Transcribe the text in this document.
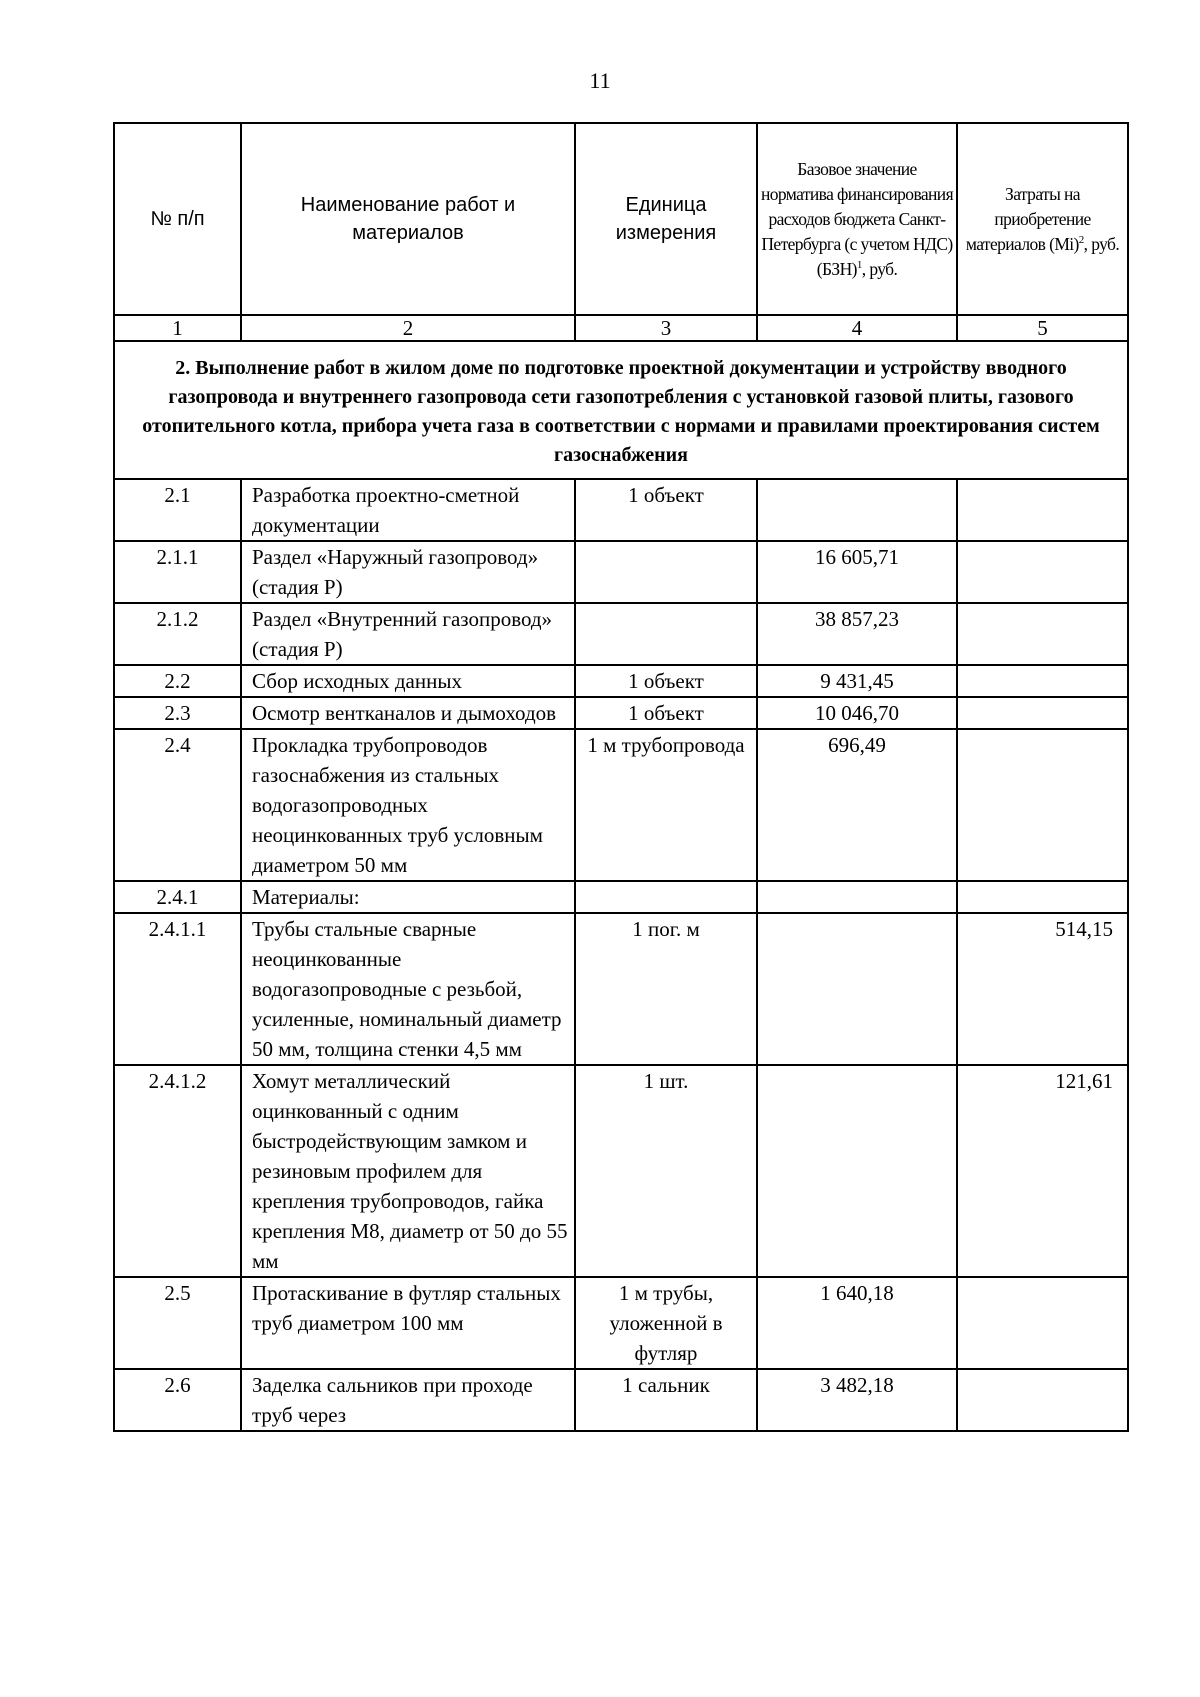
11
№ п/п	Наименование работ и материалов	Единица измерения	Базовое значение норматива финансирования расходов бюджета Санкт-Петербурга (с учетом НДС) (БЗН)$^1$, руб.	Затраты на приобретение материалов $(Mi)^2$, руб.
1	2	3	4	5
2. Выполнение работ в жилом доме по подготовке проектной документации и устройству вводного газопровода и внутреннего газопровода сети газопотребления с установкой газовой плиты, газового отопительного котла, прибора учета газа в соответствии с нормами и правилами проектирования систем газоснабжения				
2.1	Разработка проектно-сметной документации	1 объект		
2.1.1	Раздел «Наружный газопровод» (стадия Р)		16 605,71	
2.1.2	Раздел «Внутренний газопровод» (стадия Р)		38 857,23	
2.2	Сбор исходных данных	1 объект	9 431,45	
2.3	Осмотр вентканалов и дымоходов	1 объект	10 046,70	
2.4	Прокладка трубопроводов газоснабжения из стальных водогазопроводных неоцинкованных труб условным диаметром 50 мм	1 м трубопровода	696,49	
2.4.1	Материалы:			
2.4.1.1	Трубы стальные сварные неоцинкованные водогазопроводные с резьбой, усиленные, номинальный диаметр 50 мм, толщина стенки 4,5 мм	1 пог. м		514,15
2.4.1.2	Хомут металлический оцинкованный с одним быстродействующим замком и резиновым профилем для крепления трубопроводов, гайка крепления М8, диаметр от 50 до 55 мм	1 шт.		121,61
2.5	Протаскивание в футляр стальных труб диаметром 100 мм	1 м трубы, уложенной в футляр	1 640,18	
2.6	Заделка сальников при проходе труб через	1 сальник	3 482,18	
